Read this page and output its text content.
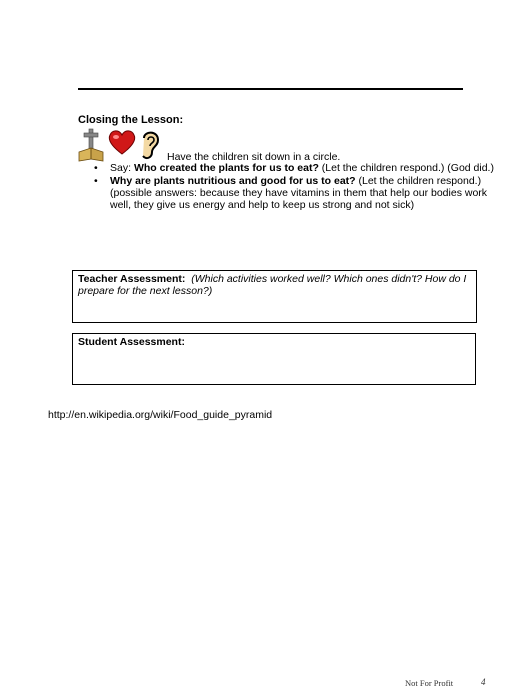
Closing the Lesson:
Have the children sit down in a circle.
• Say: Who created the plants for us to eat? (Let the children respond.) (God did.)
• Why are plants nutritious and good for us to eat? (Let the children respond.) (possible answers: because they have vitamins in them that help our bodies work well, they give us energy and help to keep us strong and not sick)
Teacher Assessment: (Which activities worked well? Which ones didn't? How do I prepare for the next lesson?)
Student Assessment:
http://en.wikipedia.org/wiki/Food_guide_pyramid
Not For Profit	4
